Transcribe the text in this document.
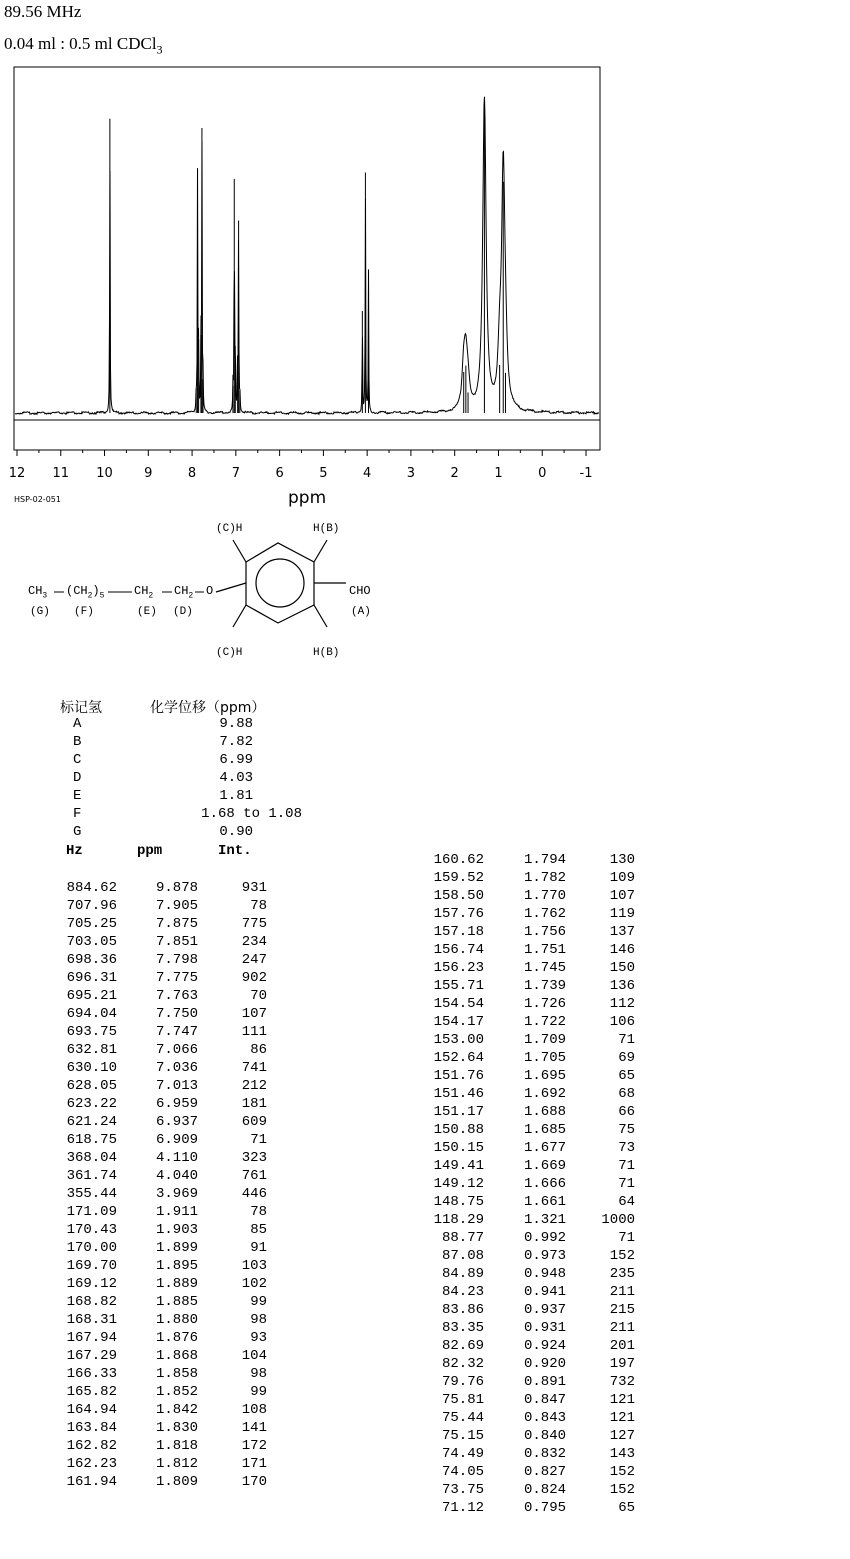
89.56 MHz
0.04 ml : 0.5 ml CDCl$_3$
12 11 10 9	8	7	6	5	4	3	2	1	0	-1
HSP-02-051	ppm
$CH_3$ $(CH_2)_5$ $CH_2$ $CH_2$ O	CHO
(G) (F)	(E) (D)	(A)
(C)H	H(B)
(C)H	H(B)
标记氢	化学位移（ppm）
A	9.88
B	7.82
C	6.99
D	4.03
E	1.81
F	1.68 to 1.08
G	0.90
Hz	ppm	Int.
884.62	9.878	931
707.96	7.905	78
705.25	7.875	775
703.05	7.851	234
698.36	7.798	247
696.31	7.775	902
695.21	7.763	70
694.04	7.750	107
693.75	7.747	111
632.81	7.066	86
630.10	7.036	741
628.05	7.013	212
623.22	6.959	181
621.24	6.937	609
618.75	6.909	71
368.04	4.110	323
361.74	4.040	761
355.44	3.969	446
171.09	1.911	78
170.43	1.903	85
170.00	1.899	91
169.70	1.895	103
169.12	1.889	102
168.82	1.885	99
168.31	1.880	98
167.94	1.876	93
167.29	1.868	104
166.33	1.858	98
165.82	1.852	99
164.94	1.842	108
163.84	1.830	141
162.82	1.818	172
162.23	1.812	171
161.94	1.809	170
160.62	1.794	130
159.52	1.782	109
158.50	1.770	107
157.76	1.762	119
157.18	1.756	137
156.74	1.751	146
156.23	1.745	150
155.71	1.739	136
154.54	1.726	112
154.17	1.722	106
153.00	1.709	71
152.64	1.705	69
151.76	1.695	65
151.46	1.692	68
151.17	1.688	66
150.88	1.685	75
150.15	1.677	73
149.41	1.669	71
149.12	1.666	71
148.75	1.661	64
118.29	1.321	1000
88.77	0.992	71
87.08	0.973	152
84.89	0.948	235
84.23	0.941	211
83.86	0.937	215
83.35	0.931	211
82.69	0.924	201
82.32	0.920	197
79.76	0.891	732
75.81	0.847	121
75.44	0.843	121
75.15	0.840	127
74.49	0.832	143
74.05	0.827	152
73.75	0.824	152
71.12	0.795	65
